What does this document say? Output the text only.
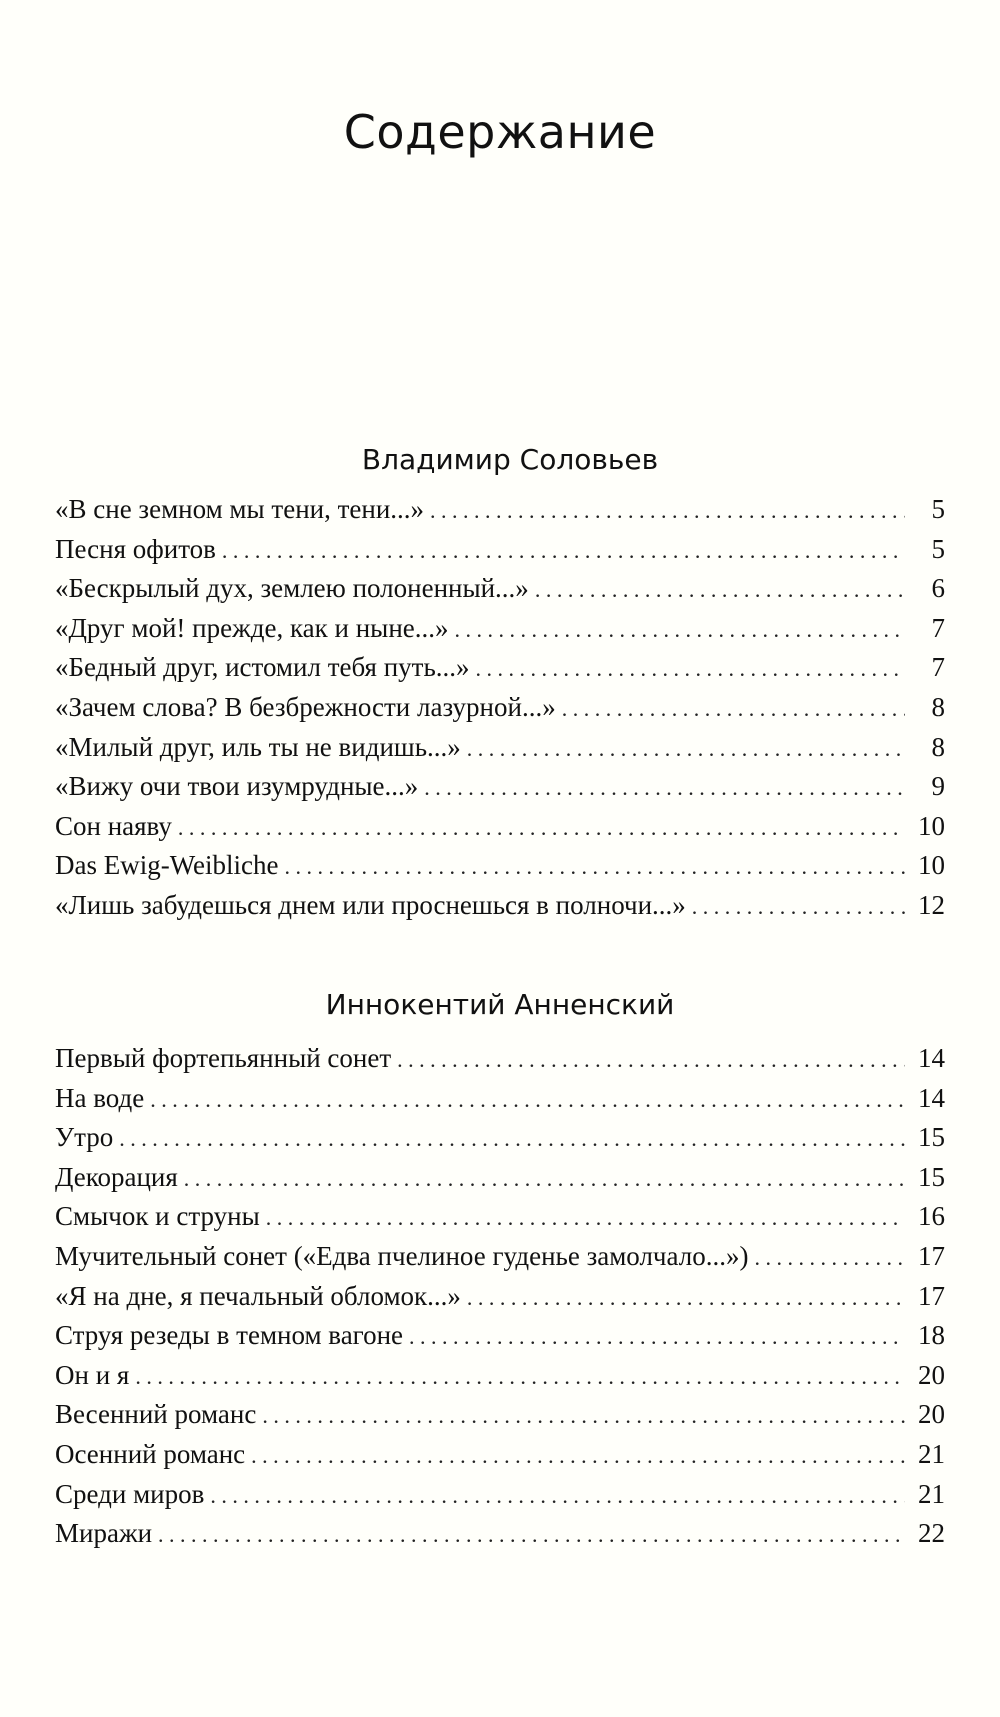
Содержание
Владимир Соловьев
«В сне земном мы тени, тени...» . . .	5
Песня офитов . . .	5
«Бескрылый дух, землею полоненный...» . . .	6
«Друг мой! прежде, как и ныне...» . . .	7
«Бедный друг, истомил тебя путь...» . . .	7
«Зачем слова? В безбрежности лазурной...» . . .	8
«Милый друг, иль ты не видишь...» . . .	8
«Вижу очи твои изумрудные...» . . .	9
Сон наяву . . .	10
Das Ewig-Weibliche . . .	10
«Лишь забудешься днем или проснешься в полночи...» . . .	12
Иннокентий Анненский
Первый фортепьянный сонет . . .	14
На воде . . .	14
Утро . . .	15
Декорация . . .	15
Смычок и струны . . .	16
Мучительный сонет («Едва пчелиное гуденье замолчало...») . . .	17
«Я на дне, я печальный обломок...» . . .	17
Струя резеды в темном вагоне . . .	18
Он и я . . .	20
Весенний романс . . .	20
Осенний романс . . .	21
Среди миров . . .	21
Миражи . . .	22
